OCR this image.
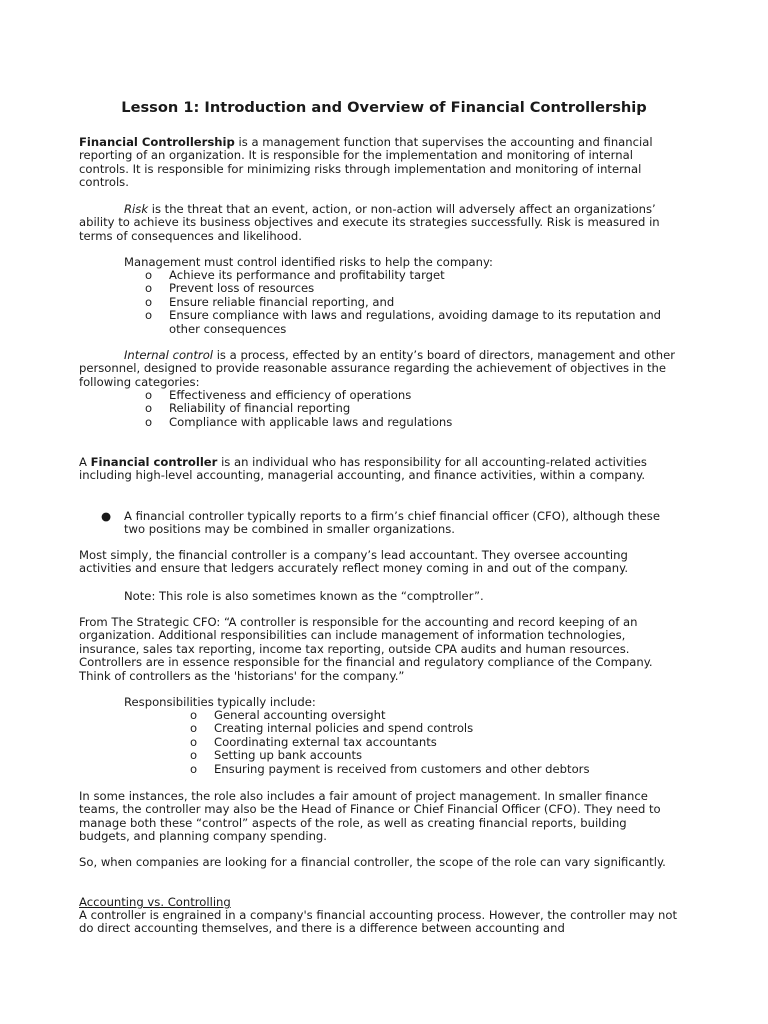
Lesson 1: Introduction and Overview of Financial Controllership

Financial Controllership is a management function that supervises the accounting and financial reporting of an organization. It is responsible for the implementation and monitoring of internal controls. It is responsible for minimizing risks through implementation and monitoring of internal controls.

Risk is the threat that an event, action, or non-action will adversely affect an organizations’ ability to achieve its business objectives and execute its strategies successfully. Risk is measured in terms of consequences and likelihood.

Management must control identified risks to help the company:

o Achieve its performance and profitability target
o Prevent loss of resources
o Ensure reliable financial reporting, and
o Ensure compliance with laws and regulations, avoiding damage to its reputation and other consequences

Internal control is a process, effected by an entity’s board of directors, management and other personnel, designed to provide reasonable assurance regarding the achievement of objectives in the following categories:

o Effectiveness and efficiency of operations
o Reliability of financial reporting
o Compliance with applicable laws and regulations

A Financial controller is an individual who has responsibility for all accounting-related activities including high-level accounting, managerial accounting, and finance activities, within a company.

● A financial controller typically reports to a firm’s chief financial officer (CFO), although these two positions may be combined in smaller organizations.

Most simply, the financial controller is a company’s lead accountant. They oversee accounting activities and ensure that ledgers accurately reflect money coming in and out of the company.

Note: This role is also sometimes known as the “comptroller”.

From The Strategic CFO: “A controller is responsible for the accounting and record keeping of an organization. Additional responsibilities can include management of information technologies, insurance, sales tax reporting, income tax reporting, outside CPA audits and human resources. Controllers are in essence responsible for the financial and regulatory compliance of the Company. Think of controllers as the 'historians' for the company.”

Responsibilities typically include:

o General accounting oversight
o Creating internal policies and spend controls
o Coordinating external tax accountants
o Setting up bank accounts
o Ensuring payment is received from customers and other debtors

In some instances, the role also includes a fair amount of project management. In smaller finance teams, the controller may also be the Head of Finance or Chief Financial Officer (CFO). They need to manage both these “control” aspects of the role, as well as creating financial reports, building budgets, and planning company spending.

So, when companies are looking for a financial controller, the scope of the role can vary significantly.

Accounting vs. Controlling

A controller is engrained in a company's financial accounting process. However, the controller may not do direct accounting themselves, and there is a difference between accounting and
